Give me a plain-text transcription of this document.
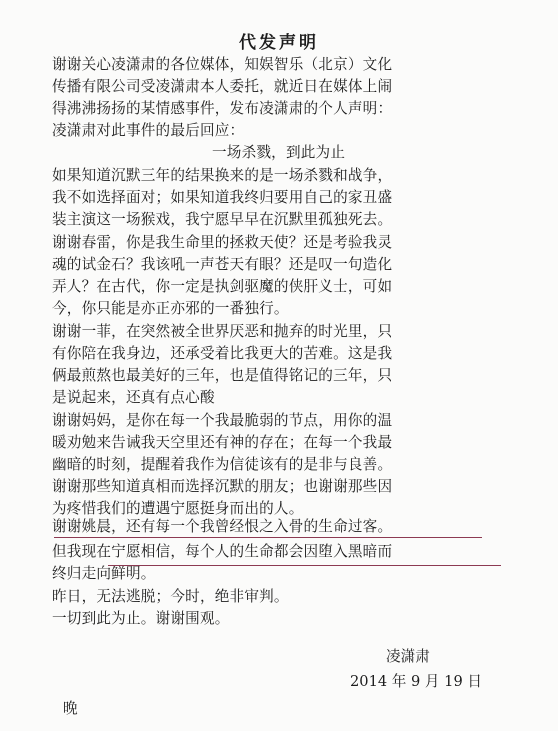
代发声明
谢谢关心凌潇肃的各位媒体，知娱智乐（北京）文化
传播有限公司受凌潇肃本人委托，就近日在媒体上闹
得沸沸扬扬的某情感事件，发布凌潇肃的个人声明：
凌潇肃对此事件的最后回应：
一场杀戮，到此为止
如果知道沉默三年的结果换来的是一场杀戮和战争，
我不如选择面对；如果知道我终归要用自己的家丑盛
装主演这一场猴戏，我宁愿早早在沉默里孤独死去。
谢谢春雷，你是我生命里的拯救天使？还是考验我灵
魂的试金石？我该吼一声苍天有眼？还是叹一句造化
弄人？在古代，你一定是执剑驱魔的侠肝义士，可如
今，你只能是亦正亦邪的一番独行。
谢谢一菲，在突然被全世界厌恶和抛弃的时光里，只
有你陪在我身边，还承受着比我更大的苦难。这是我
俩最煎熬也最美好的三年，也是值得铭记的三年，只
是说起来，还真有点心酸
谢谢妈妈，是你在每一个我最脆弱的节点，用你的温
暖劝勉来告诫我天空里还有神的存在；在每一个我最
幽暗的时刻，提醒着我作为信徒该有的是非与良善。
谢谢那些知道真相而选择沉默的朋友；也谢谢那些因
为疼惜我们的遭遇宁愿挺身而出的人。
谢谢姚晨，还有每一个我曾经恨之入骨的生命过客。
但我现在宁愿相信，每个人的生命都会因堕入黑暗而
终归走向鲜明。
昨日，无法逃脱；今时，绝非审判。
一切到此为止。谢谢围观。
凌潇肃
2014 年 9 月 19 日
晚
